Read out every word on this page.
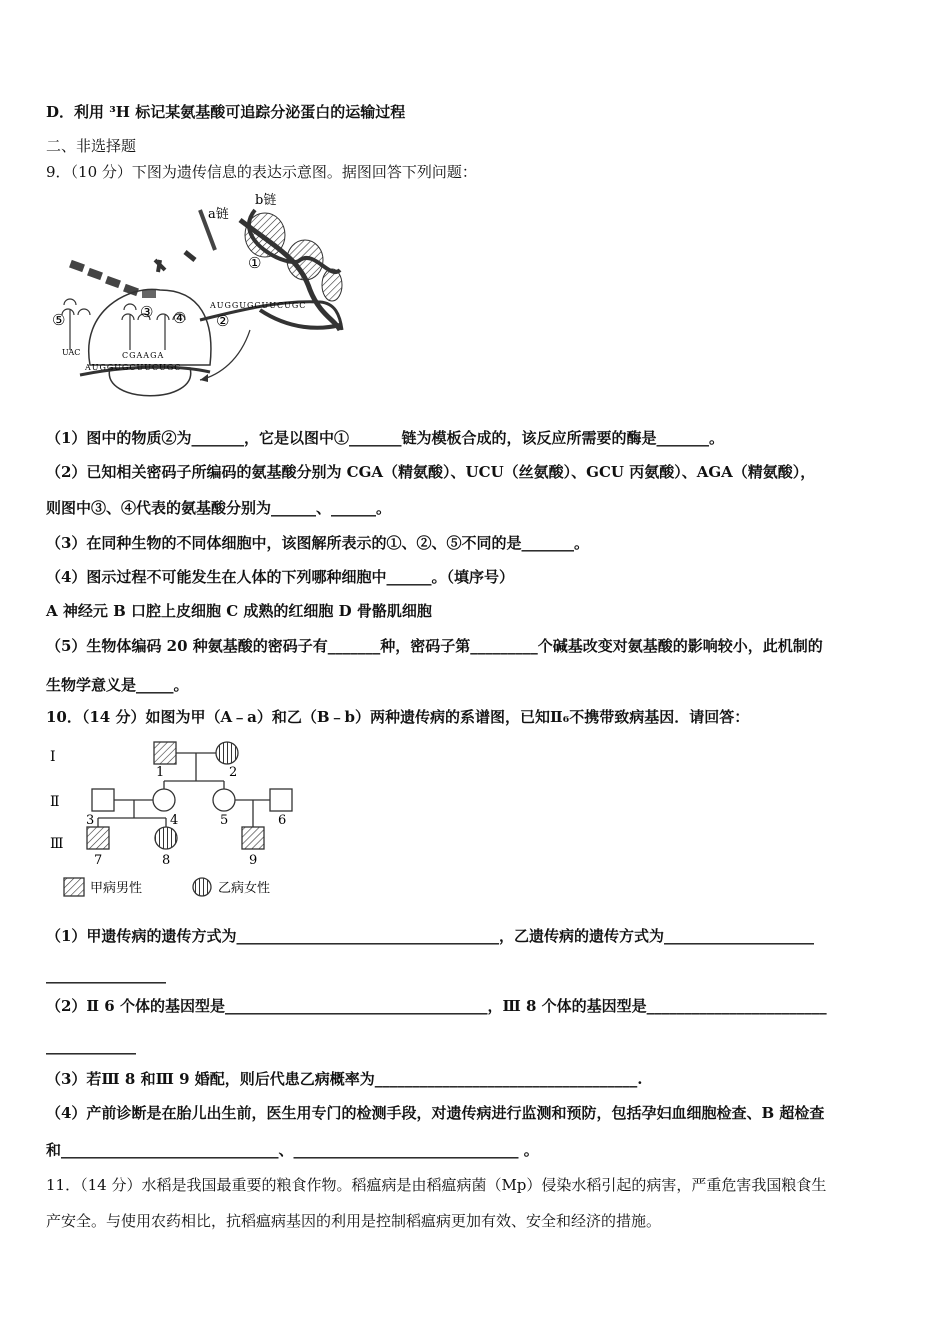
D．利用 ³H 标记某氨基酸可追踪分泌蛋白的运输过程
二、非选择题
9．（10 分）下图为遗传信息的表达示意图。据图回答下列问题：
b链
a链
①
AUGGUGCUUCUGC
②
⑤	③ ④
UAC	CGAAGA
AUGGUGCUUCUGC
（1）图中的物质②为_______，它是以图中①_______链为模板合成的，该反应所需要的酶是_______。
（2）已知相关密码子所编码的氨基酸分别为 CGA（精氨酸）、UCU（丝氨酸）、GCU 丙氨酸）、AGA（精氨酸），
则图中③、④代表的氨基酸分别为______、______。
（3）在同种生物的不同体细胞中，该图解所表示的①、②、⑤不同的是_______。
（4）图示过程不可能发生在人体的下列哪种细胞中______。（填序号）
A 神经元 B 口腔上皮细胞 C 成熟的红细胞 D 骨骼肌细胞
（5）生物体编码 20 种氨基酸的密码子有_______种，密码子第_________个碱基改变对氨基酸的影响较小，此机制的
生物学意义是_____。
10．（14 分）如图为甲（A﹣a）和乙（B﹣b）两种遗传病的系谱图，已知Ⅱ₆不携带致病基因．请回答：
Ⅰ
Ⅱ
Ⅲ
1	2
3	4	5	6
7	8	9
甲病男性	乙病女性
（1）甲遗传病的遗传方式为___________________________________，乙遗传病的遗传方式为____________________
________________
（2）Ⅱ 6 个体的基因型是___________________________________，Ⅲ 8 个体的基因型是________________________
____________
（3）若Ⅲ 8 和Ⅲ 9 婚配，则后代患乙病概率为___________________________________.
（4）产前诊断是在胎儿出生前，医生用专门的检测手段，对遗传病进行监测和预防，包括孕妇血细胞检查、B 超检查
和_____________________________、______________________________ 。
11．（14 分）水稻是我国最重要的粮食作物。稻瘟病是由稻瘟病菌（Mp）侵染水稻引起的病害，严重危害我国粮食生
产安全。与使用农药相比，抗稻瘟病基因的利用是控制稻瘟病更加有效、安全和经济的措施。
